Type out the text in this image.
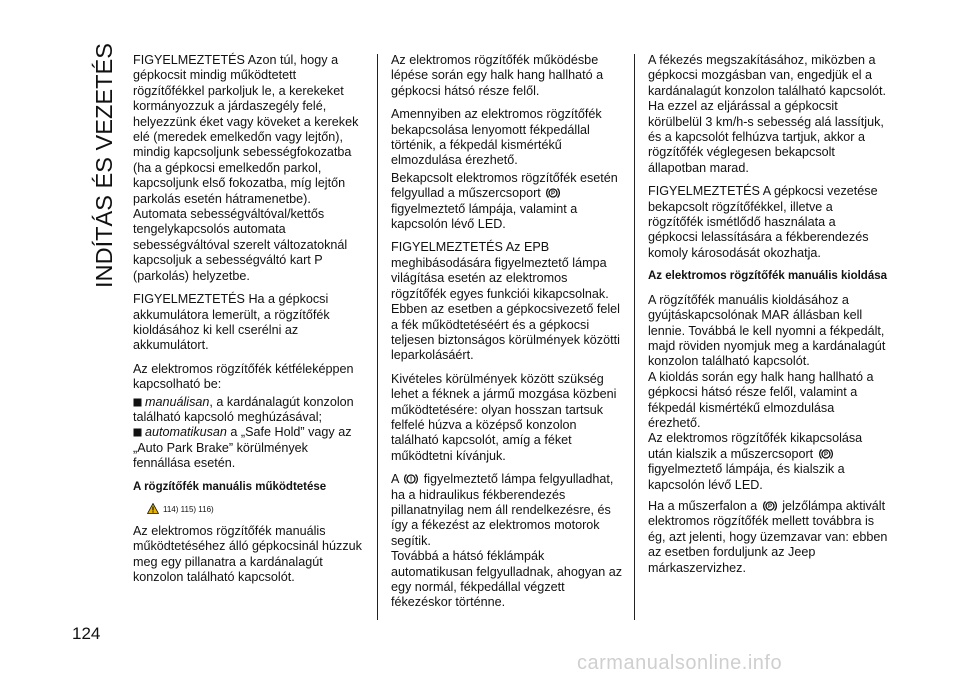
INDÍTÁS ÉS VEZETÉS FIGYELMEZTETÉS Azon túl, hogy a gépkocsit mindig működtetett rögzítőfékkel parkoljuk le, a kerekeket kormányozzuk a járdaszegély felé, helyezzünk éket vagy köveket a kerekek elé (meredek emelkedőn vagy lejtőn), mindig kapcsoljunk sebességfokozatba (ha a gépkocsi emelkedőn parkol, kapcsoljunk első fokozatba, míg lejtőn parkolás esetén hátramenetbe). Automata sebességváltóval/kettős tengelykapcsolós automata sebességváltóval szerelt változatoknál kapcsoljuk a sebességváltó kart P (parkolás) helyzetbe.

FIGYELMEZTETÉS Ha a gépkocsi akkumulátora lemerült, a rögzítőfék kioldásához ki kell cserélni az akkumulátort.

Az elektromos rögzítőfék kétféleképpen kapcsolható be:

manuálisan, a kardánalagút konzolon található kapcsoló meghúzásával;
automatikusan a „Safe Hold” vagy az „Auto Park Brake” körülmények fennállása esetén.

A rögzítőfék manuális működtetése

114) 115) 116)

Az elektromos rögzítőfék manuális működtetéséhez álló gépkocsinál húzzuk meg egy pillanatra a kardánalagút konzolon található kapcsolót.

Az elektromos rögzítőfék működésbe lépése során egy halk hang hallható a gépkocsi hátsó része felől.

Amennyiben az elektromos rögzítőfék bekapcsolása lenyomott fékpedállal történik, a fékpedál kismértékű elmozdulása érezhető.

Bekapcsolt elektromos rögzítőfék esetén felgyullad a műszercsoport P
figyelmeztető lámpája, valamint a kapcsolón lévő LED.

FIGYELMEZTETÉS Az EPB meghibásodására figyelmeztető lámpa világítása esetén az elektromos rögzítőfék egyes funkciói kikapcsolnak. Ebben az esetben a gépkocsivezető felel a fék működtetéséért és a gépkocsi teljesen biztonságos körülmények közötti leparkolásáért.

Kivételes körülmények között szükség lehet a féknek a jármű mozgása közbeni működtetésére: olyan hosszan tartsuk felfelé húzva a középső konzolon található kapcsolót, amíg a féket működtetni kívánjuk.

A ! figyelmeztető lámpa felgyulladhat, ha a hidraulikus fékberendezés pillanatnyilag nem áll rendelkezésre, és így a fékezést az elektromos motorok segítik.

Továbbá a hátsó féklámpák automatikusan felgyulladnak, ahogyan az egy normál, fékpedállal végzett fékezéskor történne.

A fékezés megszakításához, miközben a gépkocsi mozgásban van, engedjük el a kardánalagút konzolon található kapcsolót.

Ha ezzel az eljárással a gépkocsit körülbelül 3 km/h-s sebesség alá lassítjuk, és a kapcsolót felhúzva tartjuk, akkor a rögzítőfék véglegesen bekapcsolt állapotban marad.

FIGYELMEZTETÉS A gépkocsi vezetése bekapcsolt rögzítőfékkel, illetve a rögzítőfék ismétlődő használata a gépkocsi lelassítására a fékberendezés komoly károsodását okozhatja.

Az elektromos rögzítőfék manuális kioldása

A rögzítőfék manuális kioldásához a gyújtáskapcsolónak MAR állásban kell lennie. Továbbá le kell nyomni a fékpedált, majd röviden nyomjuk meg a kardánalagút konzolon található kapcsolót.

A kioldás során egy halk hang hallható a gépkocsi hátsó része felől, valamint a fékpedál kismértékű elmozdulása érezhető.

Az elektromos rögzítőfék kikapcsolása után kialszik a műszercsoport P
figyelmeztető lámpája, és kialszik a kapcsolón lévő LED.

Ha a műszerfalon a P jelzőlámpa aktivált elektromos rögzítőfék mellett továbbra is ég, azt jelenti, hogy üzemzavar van: ebben az esetben forduljunk az Jeep márkaszervizhez.

124
carmanualsonline.info
